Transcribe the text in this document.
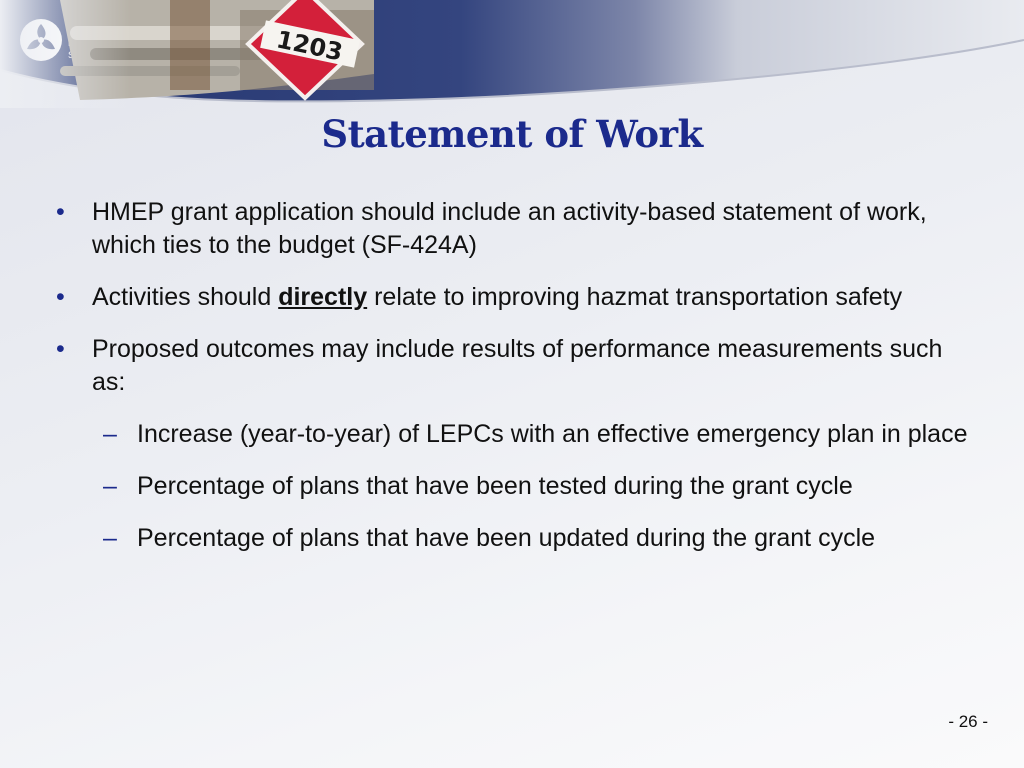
Statement of Work
• HMEP grant application should include an activity-based statement of work, which ties to the budget (SF-424A)
• Activities should directly relate to improving hazmat transportation safety
• Proposed outcomes may include results of performance measurements such as:
– Increase (year-to-year) of LEPCs with an effective emergency plan in place
– Percentage of plans that have been tested during the grant cycle
– Percentage of plans that have been updated during the grant cycle
- 26 -
